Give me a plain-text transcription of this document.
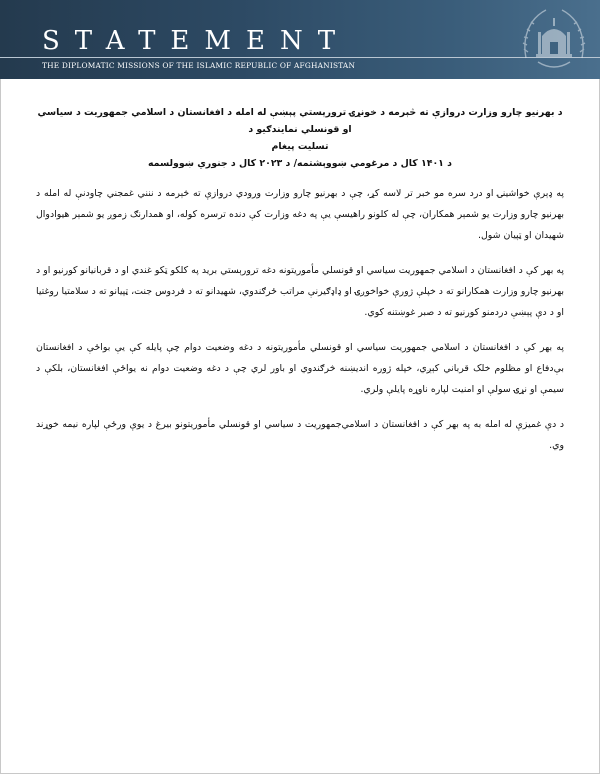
STATEMENT
THE DIPLOMATIC MISSIONS OF THE ISLAMIC REPUBLIC OF AFGHANISTAN
د بهرنیو چارو وزارت دروازې ته څېرمه د خونړۍ ترورېستي پېښې له امله د افغانستان د اسلامي جمهوریت د سیاسي او قونسلي نمایندګیو د
تسلیت پیغام
د ۱۴۰۱ کال د مرغومي ښووېشتمه/ د ۲۰۲۳ کال د جنوري ښوولسمه

په ډېرې خواشینۍ او درد سره مو خبر تر لاسه کړ، چې د بهرنیو چارو وزارت ورودي دروازې ته څېرمه د ننني غمجني چاودنې له امله د بهرنیو چارو وزارت یو شمېر همکاران، چې له کلونو راهیسې یې په دغه وزارت کې دنده ترسره کوله، او همدارنګ زموږ یو شمېر هیوادوال شهیدان او ټپیان شول.

په بهر کې د افغانستان د اسلامي جمهوریت سیاسي او قونسلي مأموریتونه دغه ترورېستي برید په کلکو ټکو غندي او د قربانیانو کورنیو او د بهرنیو چارو وزارت همکارانو ته د خپلې ژورې خواخوږۍ او ډاډګیرنې مراتب ځرګندوي، شهیدانو ته د فردوس جنت، ټپیانو ته د سلامتیا روغتیا او د دې پېښې دردمنو کورنیو ته د صبر غوښتنه کوي.

په بهر کې د افغانستان د اسلامي جمهوریت سیاسي او قونسلي مأموریتونه د دغه وضعیت دوام چې پایله کې یې بواځې د افغانستان بې‌دفاع او مظلوم خلک قرباني کېږي، خپله ژوره اندیښنه څرګندوي او باور لري چې د دغه وضعیت دوام نه یواځې افغانستان، بلکې د سیمې او نړۍ سولې او امنیت لپاره ناوړه پایلې ولري.

د دې غمیزې له امله به په بهر کې د افغانستان د اسلامي‌جمهوریت د سیاسي او قونسلي مأموریتونو بیرغ د یوې ورځې لپاره نیمه خوړند وي.
